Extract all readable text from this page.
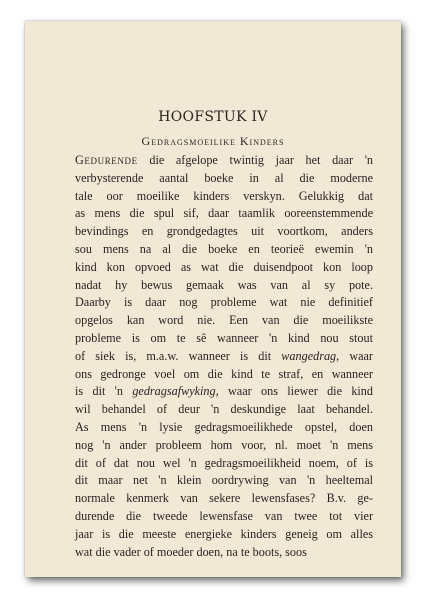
HOOFSTUK IV
Gedragsmoeilike Kinders
Gedurende die afgelope twintig jaar het daar 'n
verbysterende aantal boeke in al die moderne
tale oor moeilike kinders verskyn. Gelukkig dat
as mens die spul sif, daar taamlik ooreenstemmende
bevindings en grondgedagtes uit voortkom, anders
sou mens na al die boeke en teorieë ewemin 'n
kind kon opvoed as wat die duisendpoot kon loop
nadat hy bewus gemaak was van al sy pote.
Daarby is daar nog probleme wat nie definitief
opgelos kan word nie. Een van die moeilikste
probleme is om te sê wanneer 'n kind nou stout
of siek is, m.a.w. wanneer is dit wangedrag, waar
ons gedronge voel om die kind te straf, en wanneer
is dit 'n gedragsafwyking, waar ons liewer die kind
wil behandel of deur 'n deskundige laat behandel.
As mens 'n lysie gedragsmoeilikhede opstel, doen
nog 'n ander probleem hom voor, nl. moet 'n mens
dit of dat nou wel 'n gedragsmoeilikheid noem, of is
dit maar net 'n klein oordrywing van 'n heeltemal
normale kenmerk van sekere lewensfases? B.v. ge-
durende die tweede lewensfase van twee tot vier
jaar is die meeste energieke kinders geneig om alles
wat die vader of moeder doen, na te boots, soos
